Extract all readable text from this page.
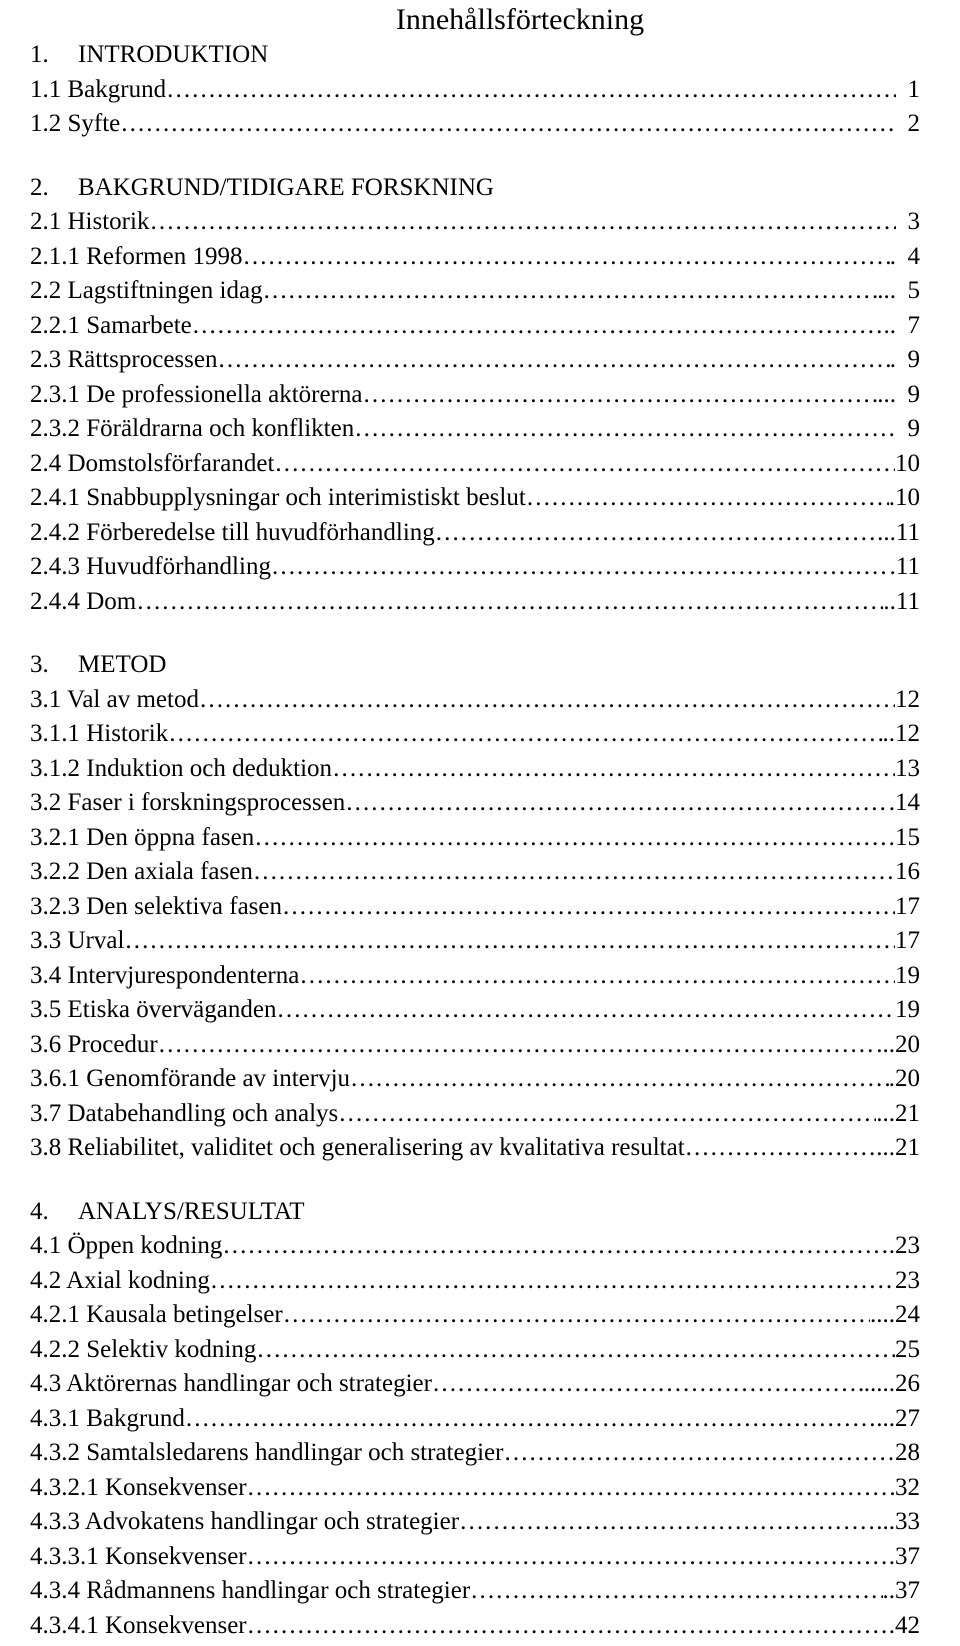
Innehållsförteckning
1. INTRODUKTION
1.1 Bakgrund …………………………………………………………………………………………………………………………………………………………	1
1.2 Syfte …………………………………………………………………………………………………………………………………………………………	2
2. BAKGRUND/TIDIGARE FORSKNING
2.1 Historik …………………………………………………………………………………………………………………………………………………………	3
2.1.1 Reformen 1998 …………………………………………………………………………………………………………………………………………………………	. 4
2.2 Lagstiftningen idag …………………………………………………………………………………………………………………………………………………………	... 5
2.2.1 Samarbete …………………………………………………………………………………………………………………………………………………………	.. 7
2.3 Rättsprocessen …………………………………………………………………………………………………………………………………………………………	. 9
2.3.1 De professionella aktörerna …………………………………………………………………………………………………………………………………………………………	... 9
2.3.2 Föräldrarna och konflikten …………………………………………………………………………………………………………………………………………………………	9
2.4 Domstolsförfarandet …………………………………………………………………………………………………………………………………………………………	10
2.4.1 Snabbupplysningar och interimistiskt beslut …………………………………………………………………………………………………………………………………………………………	. 10
2.4.2 Förberedelse till huvudförhandling …………………………………………………………………………………………………………………………………………………………	... 11
2.4.3 Huvudförhandling …………………………………………………………………………………………………………………………………………………………	. 11
2.4.4 Dom …………………………………………………………………………………………………………………………………………………………	.. 11
3. METOD
3.1 Val av metod …………………………………………………………………………………………………………………………………………………………	12
3.1.1 Historik …………………………………………………………………………………………………………………………………………………………	.. 12
3.1.2 Induktion och deduktion …………………………………………………………………………………………………………………………………………………………	13
3.2 Faser i forskningsprocessen …………………………………………………………………………………………………………………………………………………………	. 14
3.2.1 Den öppna fasen …………………………………………………………………………………………………………………………………………………………	15
3.2.2 Den axiala fasen …………………………………………………………………………………………………………………………………………………………	16
3.2.3 Den selektiva fasen …………………………………………………………………………………………………………………………………………………………	17
3.3 Urval …………………………………………………………………………………………………………………………………………………………	17
3.4 Intervjurespondenterna …………………………………………………………………………………………………………………………………………………………	19
3.5 Etiska överväganden …………………………………………………………………………………………………………………………………………………………	19
3.6 Procedur …………………………………………………………………………………………………………………………………………………………	... 20
3.6.1 Genomförande av intervju …………………………………………………………………………………………………………………………………………………………	. 20
3.7 Databehandling och analys …………………………………………………………………………………………………………………………………………………………	... 21
3.8 Reliabilitet, validitet och generalisering av kvalitativa resultat …………………………………………………………………………………………………………………………………………………………	... 21
4. ANALYS/RESULTAT
4.1 Öppen kodning …………………………………………………………………………………………………………………………………………………………	. 23
4.2 Axial kodning …………………………………………………………………………………………………………………………………………………………	23
4.2.1 Kausala betingelser …………………………………………………………………………………………………………………………………………………………	.... 24
4.2.2 Selektiv kodning …………………………………………………………………………………………………………………………………………………………	25
4.3 Aktörernas handlingar och strategier …………………………………………………………………………………………………………………………………………………………	..... 26
4.3.1 Bakgrund …………………………………………………………………………………………………………………………………………………………	... 27
4.3.2 Samtalsledarens handlingar och strategier …………………………………………………………………………………………………………………………………………………………	28
4.3.2.1 Konsekvenser …………………………………………………………………………………………………………………………………………………………	32
4.3.3 Advokatens handlingar och strategier …………………………………………………………………………………………………………………………………………………………	... 33
4.3.3.1 Konsekvenser …………………………………………………………………………………………………………………………………………………………	. 37
4.3.4 Rådmannens handlingar och strategier …………………………………………………………………………………………………………………………………………………………	.. 37
4.3.4.1 Konsekvenser …………………………………………………………………………………………………………………………………………………………	. 42
